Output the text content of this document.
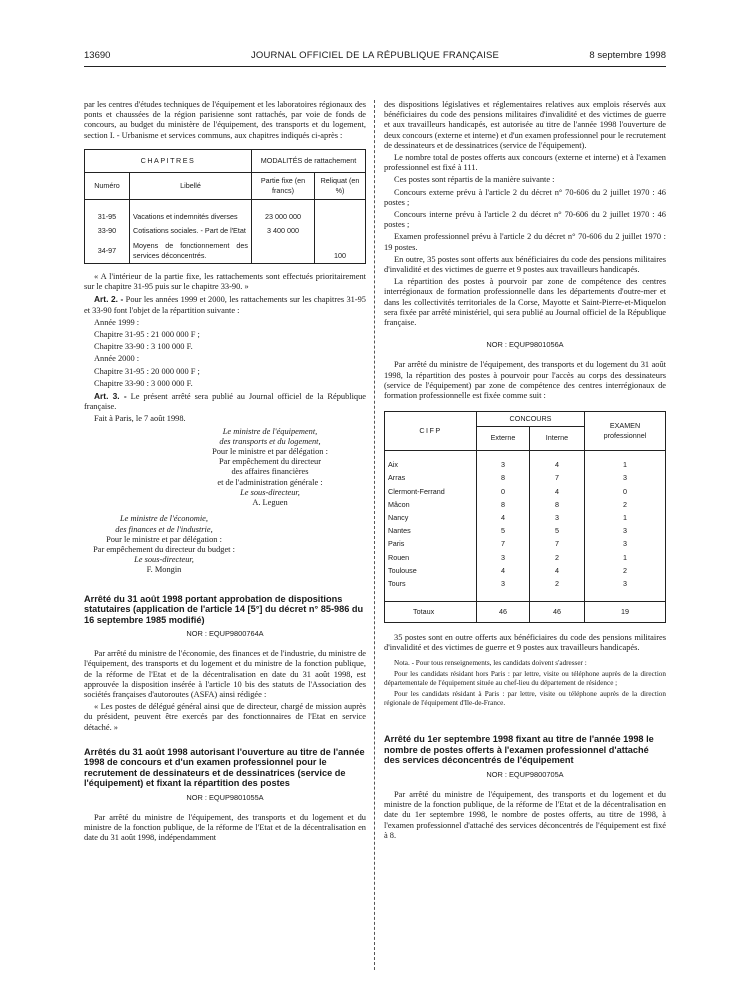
13690	JOURNAL OFFICIEL DE LA RÉPUBLIQUE FRANÇAISE	8 septembre 1998

par les centres d'études techniques de l'équipement et les laboratoires régionaux des ponts et chaussées de la région parisienne sont rattachés, par voie de fonds de concours, au budget du ministère de l'équipement, des transports et du logement, section I. - Urbanisme et services communs, aux chapitres indiqués ci-après :

CHAPITRES		MODALITÉS de rattachement	
Numéro	Libellé	Partie fixe (en francs)	Reliquat (en %)

31-95	Vacations et indemnités diverses	23 000 000	
33-90	Cotisations sociales. - Part de l'Etat	3 400 000	
34-97	Moyens de fonctionnement des services déconcentrés.		100

« A l'intérieur de la partie fixe, les rattachements sont effectués prioritairement sur le chapitre 31-95 puis sur le chapitre 33-90. »

Art. 2. - Pour les années 1999 et 2000, les rattachements sur les chapitres 31-95 et 33-90 font l'objet de la répartition suivante :

Année 1999 :

Chapitre 31-95 : 21 000 000 F ;

Chapitre 33-90 : 3 100 000 F.

Année 2000 :

Chapitre 31-95 : 20 000 000 F ;

Chapitre 33-90 : 3 000 000 F.

Art. 3. - Le présent arrêté sera publié au Journal officiel de la République française.

Fait à Paris, le 7 août 1998.

Le ministre de l'équipement,

des transports et du logement,

Pour le ministre et par délégation :

Par empêchement du directeur

des affaires financières

et de l'administration générale :

Le sous-directeur,

A. Leguen

Le ministre de l'économie,

des finances et de l'industrie,

Pour le ministre et par délégation :

Par empêchement du directeur du budget :

Le sous-directeur,

F. Mongin

Arrêté du 31 août 1998 portant approbation de dispositions statutaires (application de l'article 14 [5°] du décret n° 85-986 du 16 septembre 1985 modifié)
NOR : EQUP9800764A

Par arrêté du ministre de l'économie, des finances et de l'industrie, du ministre de l'équipement, des transports et du logement et du ministre de la fonction publique, de la réforme de l'Etat et de la décentralisation en date du 31 août 1998, est approuvée la disposition insérée à l'article 10 bis des statuts de l'Association des sociétés françaises d'autoroutes (ASFA) ainsi rédigée :

« Les postes de délégué général ainsi que de directeur, chargé de mission auprès du président, peuvent être exercés par des fonctionnaires de l'Etat en service détaché. »

Arrêtés du 31 août 1998 autorisant l'ouverture au titre de l'année 1998 de concours et d'un examen professionnel pour le recrutement de dessinateurs et de dessinatrices (service de l'équipement) et fixant la répartition des postes
NOR : EQUP9801055A

Par arrêté du ministre de l'équipement, des transports et du logement et du ministre de la fonction publique, de la réforme de l'Etat et de la décentralisation en date du 31 août 1998, indépendamment

des dispositions législatives et réglementaires relatives aux emplois réservés aux bénéficiaires du code des pensions militaires d'invalidité et des victimes de guerre et aux travailleurs handicapés, est autorisée au titre de l'année 1998 l'ouverture de deux concours (externe et interne) et d'un examen professionnel pour le recrutement de dessinateurs et de dessinatrices (service de l'équipement).

Le nombre total de postes offerts aux concours (externe et interne) et à l'examen professionnel est fixé à 111.

Ces postes sont répartis de la manière suivante :

Concours externe prévu à l'article 2 du décret n° 70-606 du 2 juillet 1970 : 46 postes ;

Concours interne prévu à l'article 2 du décret n° 70-606 du 2 juillet 1970 : 46 postes ;

Examen professionnel prévu à l'article 2 du décret n° 70-606 du 2 juillet 1970 : 19 postes.

En outre, 35 postes sont offerts aux bénéficiaires du code des pensions militaires d'invalidité et des victimes de guerre et 9 postes aux travailleurs handicapés.

La répartition des postes à pourvoir par zone de compétence des centres interrégionaux de formation professionnelle dans les départements d'outre-mer et dans les collectivités territoriales de la Corse, Mayotte et Saint-Pierre-et-Miquelon sera fixée par arrêté ministériel, qui sera publié au Journal officiel de la République française.

NOR : EQUP9801056A

Par arrêté du ministre de l'équipement, des transports et du logement du 31 août 1998, la répartition des postes à pourvoir pour l'accès au corps des dessinateurs (service de l'équipement) par zone de compétence des centres interrégionaux de formation professionnelle est fixée comme suit :

CIFP	CONCOURS		EXAMEN professionnel
	Externe	Interne	

Aix	3	4	1
Arras	8	7	3
Clermont-Ferrand	0	4	0
Mâcon	8	8	2
Nancy	4	3	1
Nantes	5	5	3
Paris	7	7	3
Rouen	3	2	1
Toulouse	4	4	2
Tours	3	2	3

Totaux	46	46	19

35 postes sont en outre offerts aux bénéficiaires du code des pensions militaires d'invalidité et des victimes de guerre et 9 postes aux travailleurs handicapés.

Nota. - Pour tous renseignements, les candidats doivent s'adresser :

Pour les candidats résidant hors Paris : par lettre, visite ou téléphone auprès de la direction départementale de l'équipement située au chef-lieu du département de résidence ;

Pour les candidats résidant à Paris : par lettre, visite ou téléphone auprès de la direction régionale de l'équipement d'Ile-de-France.

Arrêté du 1er septembre 1998 fixant au titre de l'année 1998 le nombre de postes offerts à l'examen professionnel d'attaché des services déconcentrés de l'équipement
NOR : EQUP9800705A

Par arrêté du ministre de l'équipement, des transports et du logement et du ministre de la fonction publique, de la réforme de l'Etat et de la décentralisation en date du 1er septembre 1998, le nombre de postes offerts, au titre de 1998, à l'examen professionnel d'attaché des services déconcentrés de l'équipement est fixé à 8.
